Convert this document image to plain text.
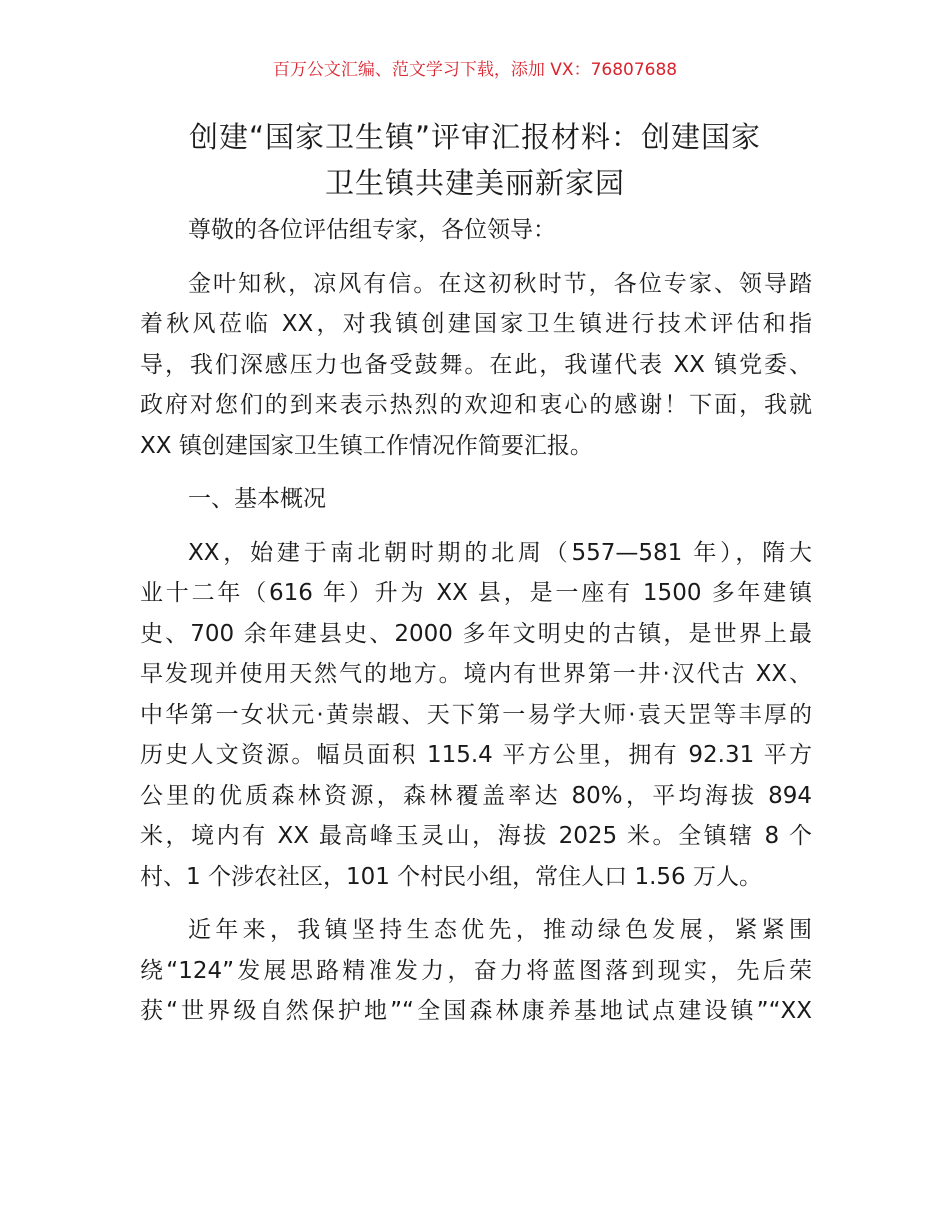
百万公文汇编、范文学习下载，添加 VX：76807688
创建“国家卫生镇”评审汇报材料：创建国家
卫生镇共建美丽新家园
尊敬的各位评估组专家，各位领导：
金叶知秋，凉风有信。在这初秋时节，各位专家、领导踏
着秋风莅临 XX，对我镇创建国家卫生镇进行技术评估和指
导，我们深感压力也备受鼓舞。在此，我谨代表 XX 镇党委、
政府对您们的到来表示热烈的欢迎和衷心的感谢！下面，我就
XX 镇创建国家卫生镇工作情况作简要汇报。
一、基本概况
XX，始建于南北朝时期的北周（557—581 年），隋大
业十二年（616 年）升为 XX 县，是一座有 1500 多年建镇
史、700 余年建县史、2000 多年文明史的古镇，是世界上最
早发现并使用天然气的地方。境内有世界第一井·汉代古 XX、
中华第一女状元·黄崇嘏、天下第一易学大师·袁天罡等丰厚的
历史人文资源。幅员面积 115.4 平方公里，拥有 92.31 平方
公里的优质森林资源，森林覆盖率达 80%，平均海拔 894
米，境内有 XX 最高峰玉灵山，海拔 2025 米。全镇辖 8 个
村、1 个涉农社区，101 个村民小组，常住人口 1.56 万人。
近年来，我镇坚持生态优先，推动绿色发展，紧紧围
绕“124”发展思路精准发力，奋力将蓝图落到现实，先后荣
获“世界级自然保护地”“全国森林康养基地试点建设镇”“XX
